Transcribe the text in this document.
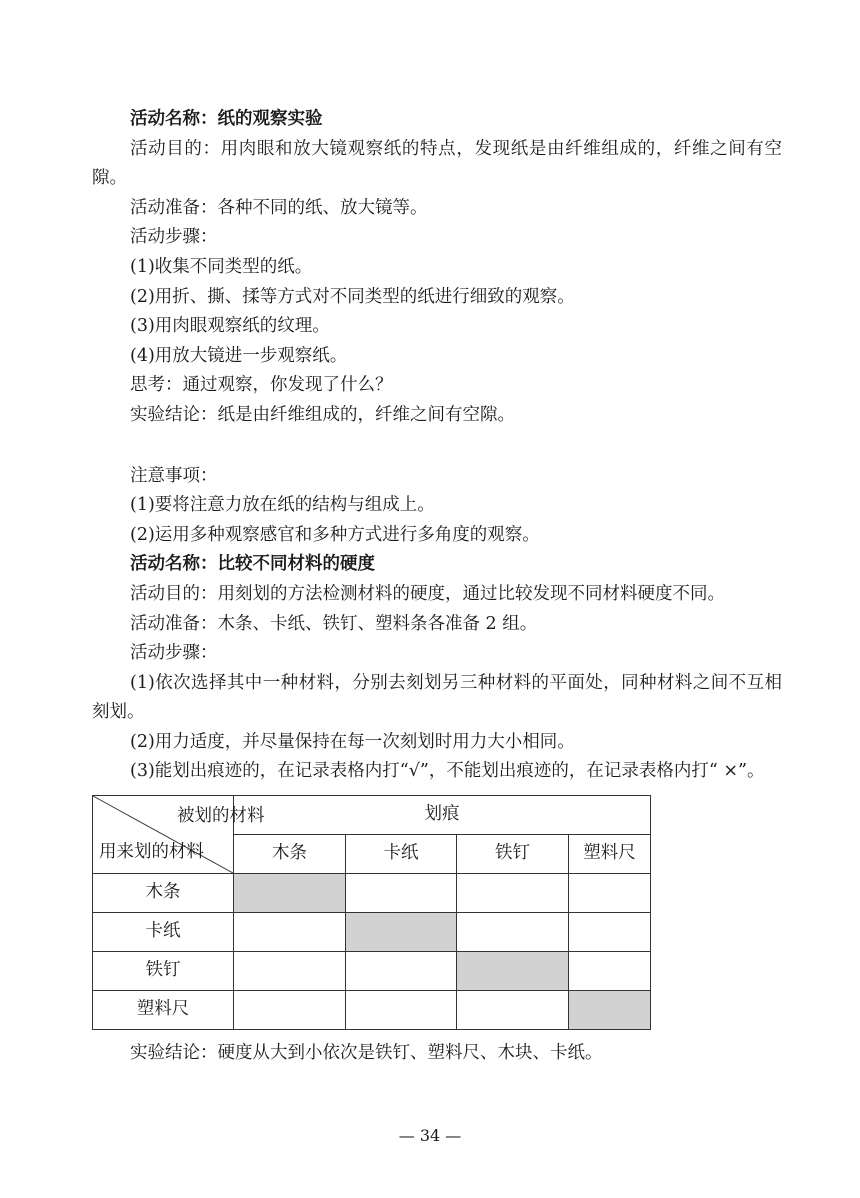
活动名称：纸的观察实验

活动目的：用肉眼和放大镜观察纸的特点，发现纸是由纤维组成的，纤维之间有空隙。

活动准备：各种不同的纸、放大镜等。

活动步骤：

(1)收集不同类型的纸。

(2)用折、撕、揉等方式对不同类型的纸进行细致的观察。

(3)用肉眼观察纸的纹理。

(4)用放大镜进一步观察纸。

思考：通过观察，你发现了什么？

实验结论：纸是由纤维组成的，纤维之间有空隙。

注意事项：

(1)要将注意力放在纸的结构与组成上。

(2)运用多种观察感官和多种方式进行多角度的观察。

活动名称：比较不同材料的硬度

活动目的：用刻划的方法检测材料的硬度，通过比较发现不同材料硬度不同。

活动准备：木条、卡纸、铁钉、塑料条各准备 2 组。

活动步骤：

(1)依次选择其中一种材料，分别去刻划另三种材料的平面处，同种材料之间不互相刻划。

(2)用力适度，并尽量保持在每一次刻划时用力大小相同。

(3)能划出痕迹的，在记录表格内打“√”，不能划出痕迹的，在记录表格内打“ ×”。

被划的材料
用来划的材料	划痕			
	木条	卡纸	铁钉	塑料尺
木条				
卡纸				
铁钉				
塑料尺				

实验结论：硬度从大到小依次是铁钉、塑料尺、木块、卡纸。

— 34 —
